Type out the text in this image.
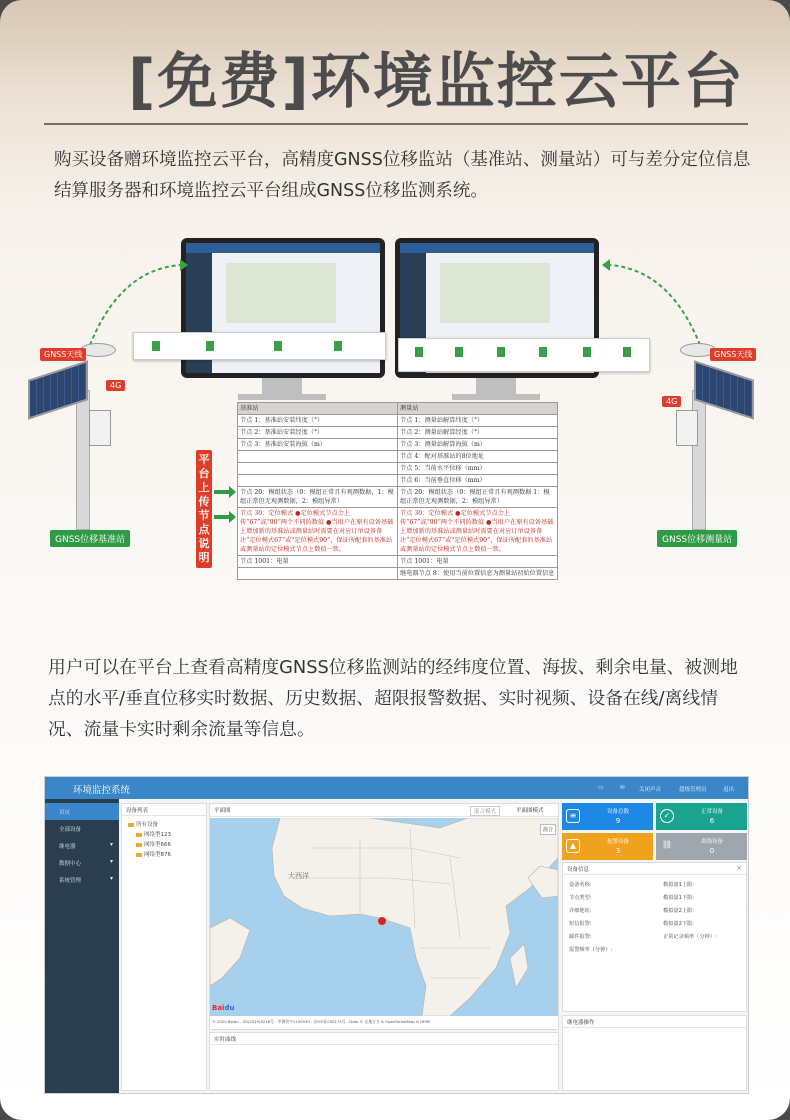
[免费]环境监控云平台

购买设备赠环境监控云平台，高精度GNSS位移监站（基准站、测量站）可与差分定位信息结算服务器和环境监控云平台组成GNSS位移监测系统。

GNSS天线
4G
GNSS位移基准站
GNSS天线
4G
GNSS位移测量站
平台上传节点说明
基准站	测量站
节点 1：基准站安装纬度（°）	节点 1：测量站解算纬度（°）
节点 2：基准站安装经度（°）	节点 2：测量站解算经度（°）
节点 3：基准站安装海拔（m）	节点 3：测量站解算海拔（m）
	节点 4：配对基准站的8位地址
	节点 5：当前水平位移（mm）
	节点 6：当前垂直位移（mm）
节点 20：模组状态（0：模组正常且有观测数据，1：模组正常但无观测数据，2：模组异常）	节点 20：模组状态（0：模组正常且有观测数据 1：模组正常但无观测数据，2：模组异常）
节点 30：定位模式 ●定位模式节点会上传“67”或“90”两个不同的数值 ●当用户在原有设备基础上增加新的基准站或测量站时需要在对应订单设备备注“定位模式67”或“定位模式90”，保证所配套的基准站或测量站的定位模式节点上数值一致。	节点 30：定位模式 ●定位模式节点会上传“67”或“90”两个不同的数值 ●当用户在原有设备基础上增加新的基准站或测量站时需要在对应订单设备备注“定位模式67”或“定位模式90”，保证所配套的基准站或测量站的定位模式节点上数值一致。
节点 1001：电量	节点 1001：电量
	继电器节点 8：使用当前位置信息为测量站初始位置信息

用户可以在平台上查看高精度GNSS位移监测站的经纬度位置、海拔、剩余电量、被测地点的水平/垂直位移实时数据、历史数据、超限报警数据、实时视频、设备在线/离线情况、流量卡实时剩余流量等信息。

环境监控系统	▭	✉	关闭声音	超级管理员	退出
首页
全部设备
继电器	▾
数据中心	▾
系统管理	▾
设备列表
所有设备
网络型123
网络型666
网络型876
平面图	混合模式	平面图模式
大西洋
混合
Baidu
© 2020 Baidu - GS(2019)5218号 - 甲测资字1100930 - 京ICP证030173号 - Data © 长地万方 & OpenStreetMap & HERE
实时曲线
≡	设备总数
9
✓	正常设备
6
▲	报警设备
3
⛓	离线设备
0
设备信息	×
设备名称:
节点类型:
详细地址:
短信报警:
邮件报警:
报警频率（分钟）:
模拟量1上限:
模拟量1下限:
模拟量2上限:
模拟量2下限:
正常记录频率（分钟）:
继电器操作
